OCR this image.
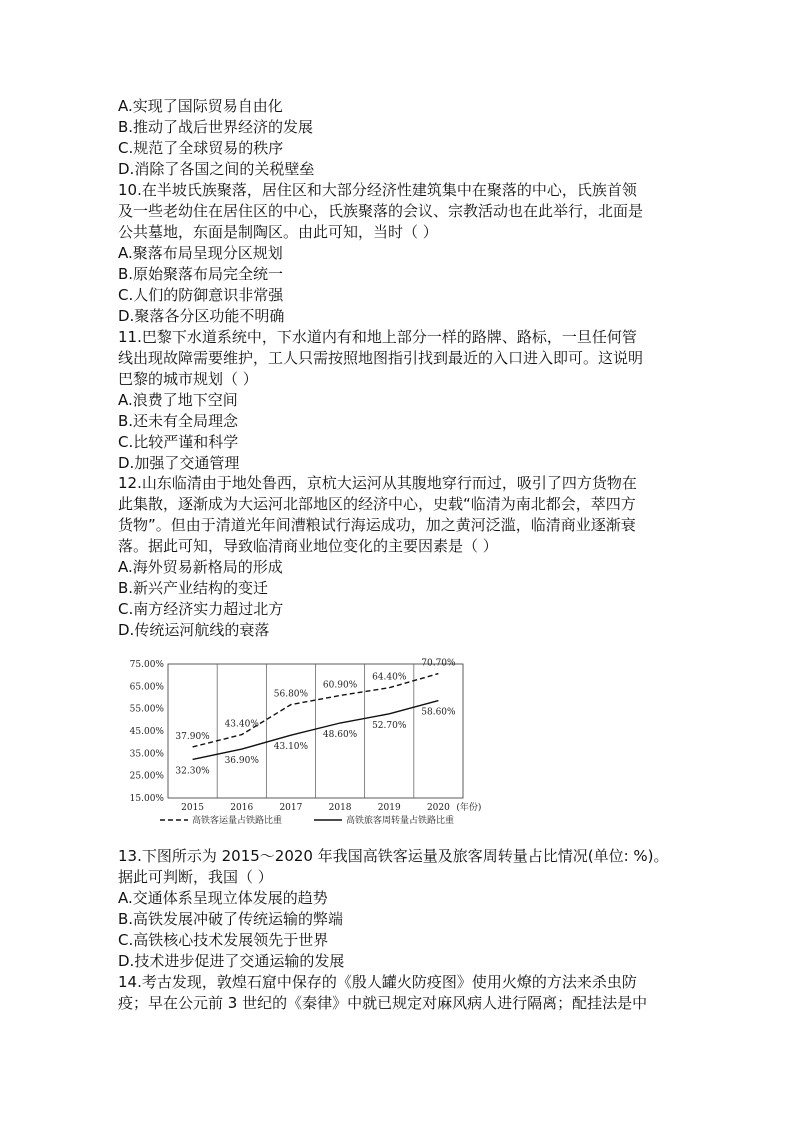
A.实现了国际贸易自由化
B.推动了战后世界经济的发展
C.规范了全球贸易的秩序
D.消除了各国之间的关税壁垒
10.在半坡氏族聚落，居住区和大部分经济性建筑集中在聚落的中心，氏族首领
及一些老幼住在居住区的中心，氏族聚落的会议、宗教活动也在此举行，北面是
公共墓地，东面是制陶区。由此可知，当时（ ）
A.聚落布局呈现分区规划
B.原始聚落布局完全统一
C.人们的防御意识非常强
D.聚落各分区功能不明确
11.巴黎下水道系统中，下水道内有和地上部分一样的路牌、路标，一旦任何管
线出现故障需要维护，工人只需按照地图指引找到最近的入口进入即可。这说明
巴黎的城市规划（ ）
A.浪费了地下空间
B.还未有全局理念
C.比较严谨和科学
D.加强了交通管理
12.山东临清由于地处鲁西，京杭大运河从其腹地穿行而过，吸引了四方货物在
此集散，逐渐成为大运河北部地区的经济中心，史载“临清为南北都会，萃四方
货物”。但由于清道光年间漕粮试行海运成功，加之黄河泛滥，临清商业逐渐衰
落。据此可知，导致临清商业地位变化的主要因素是（ ）
A.海外贸易新格局的形成
B.新兴产业结构的变迁
C.南方经济实力超过北方
D.传统运河航线的衰落
75.00%
65.00%
55.00%
45.00%
35.00%
25.00%
15.00%
2015	2016	2017	2018	2019	2020 (年份)
37.90%
43.40%
56.80%
60.90%
64.40%
70.70%
32.30%
36.90%
43.10%
48.60%
52.70%
58.60%
高铁客运量占铁路比重	高铁旅客周转量占铁路比重
13.下图所示为 2015～2020 年我国高铁客运量及旅客周转量占比情况(单位: %)。
据此可判断，我国（ ）
A.交通体系呈现立体发展的趋势
B.高铁发展冲破了传统运输的弊端
C.高铁核心技术发展领先于世界
D.技术进步促进了交通运输的发展
14.考古发现，敦煌石窟中保存的《殷人罐火防疫图》使用火燎的方法来杀虫防
疫；早在公元前 3 世纪的《秦律》中就已规定对麻风病人进行隔离；配挂法是中
